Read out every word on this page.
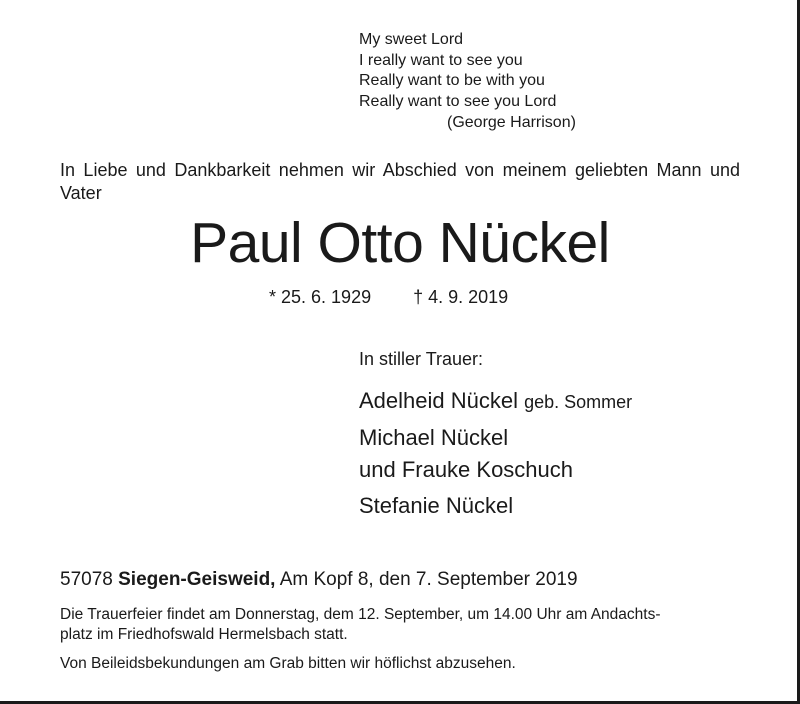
My sweet Lord
I really want to see you
Really want to be with you
Really want to see you Lord
(George Harrison)
In Liebe und Dankbarkeit nehmen wir Abschied von meinem geliebten Mann und Vater
Paul Otto Nückel
* 25. 6. 1929 † 4. 9. 2019
In stiller Trauer:
Adelheid Nückel geb. Sommer
Michael Nückel
und Frauke Koschuch
Stefanie Nückel
57078 Siegen-Geisweid, Am Kopf 8, den 7. September 2019
Die Trauerfeier findet am Donnerstag, dem 12. September, um 14.00 Uhr am Andachts-
platz im Friedhofswald Hermelsbach statt.
Von Beileidsbekundungen am Grab bitten wir höflichst abzusehen.
